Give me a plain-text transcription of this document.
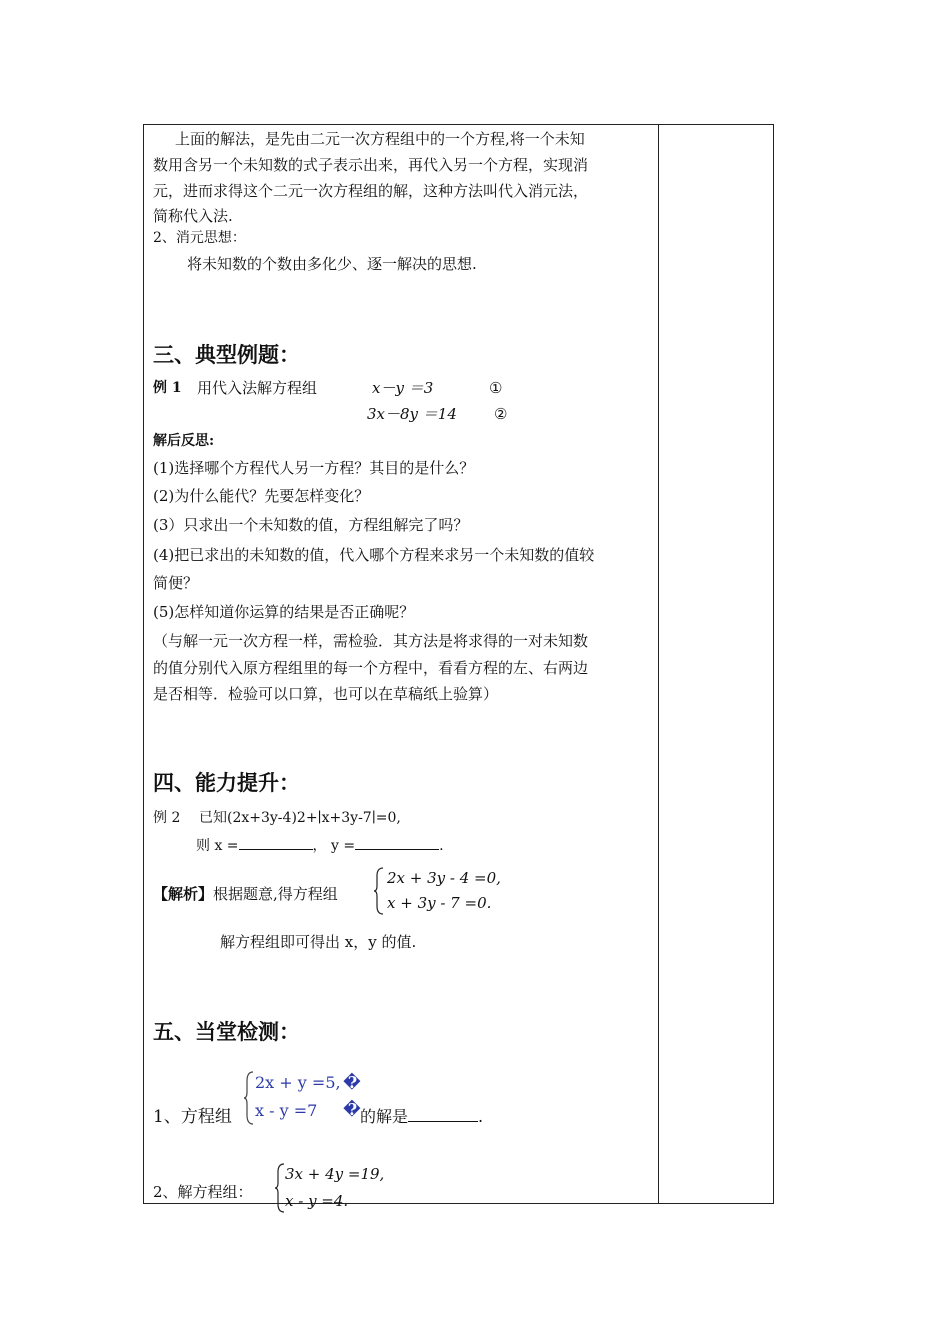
上面的解法，是先由二元一次方程组中的一个方程,将一个未知
数用含另一个未知数的式子表示出来，再代入另一个方程，实现消
元，进而求得这个二元一次方程组的解，这种方法叫代入消元法，
简称代入法.
2、消元思想：
将未知数的个数由多化少、逐一解决的思想.
三、典型例题：
例 1 用代入法解方程组	x－y ＝3	①
3x－8y ＝14 ②
解后反思:
(1)选择哪个方程代人另一方程？其目的是什么？
(2)为什么能代？先要怎样变化？
(3）只求出一个未知数的值，方程组解完了吗？
(4)把已求出的未知数的值，代入哪个方程来求另一个未知数的值较
简便？
(5)怎样知道你运算的结果是否正确呢？
（与解一元一次方程一样，需检验．其方法是将求得的一对未知数
的值分别代入原方程组里的每一个方程中，看看方程的左、右两边
是否相等．检验可以口算，也可以在草稿纸上验算）
四、能力提升：
例 2 已知(2x+3y-4)2+∣x+3y-7∣=0,
则 x =	， y =	.
【解析】根据题意,得方程组
2x + 3y - 4 =0,
x + 3y - 7 =0.
解方程组即可得出 x，y 的值.
五、当堂检测：
1、方程组
2x + y =5,
x - y =7
�
� 的解是	.
2、解方程组：
3x + 4y =19,
x - y =4.
